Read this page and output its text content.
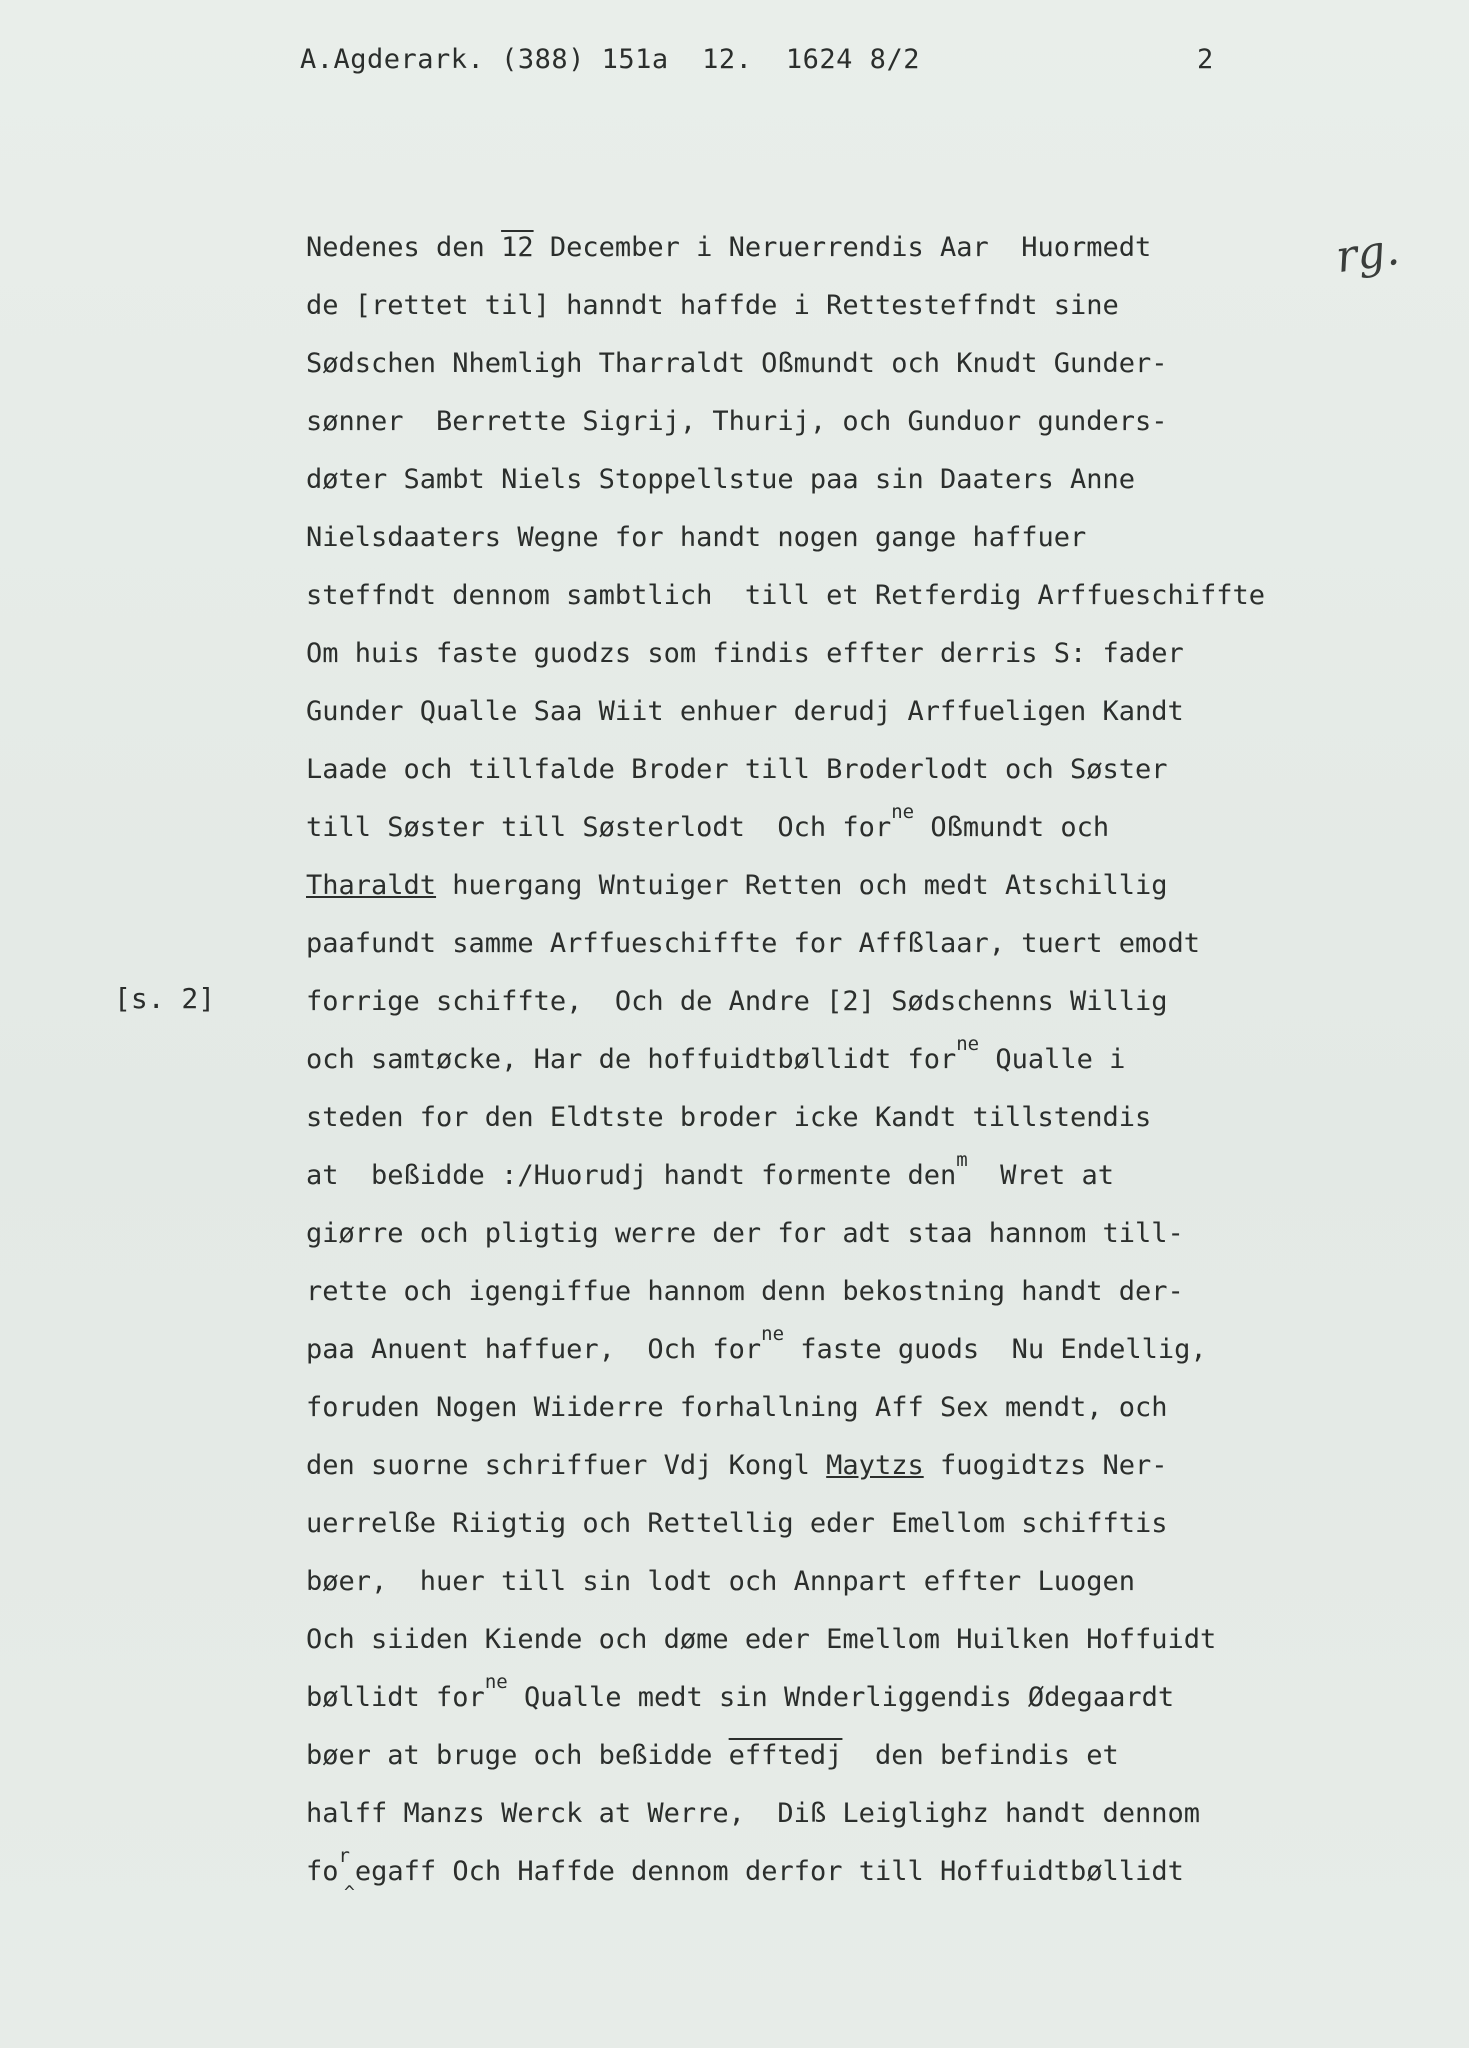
A.Agderark. (388) 151a  12.  1624 8/2	2
rg.
[s. 2]
Nedenes den 12 December i Neruerrendis Aar  Huormedt
de [rettet til] hanndt haffde i Rettesteffndt sine
Sødschen Nhemligh Tharraldt Oßmundt och Knudt Gunder-
sønner  Berrette Sigrij, Thurij, och Gunduor gunders-
døter Sambt Niels Stoppellstue paa sin Daaters Anne
Nielsdaaters Wegne for handt nogen gange haffuer
steffndt dennom sambtlich  till et Retferdig Arffueschiffte
Om huis faste guodzs som findis effter derris S: fader
Gunder Qualle Saa Wiit enhuer derudj Arffueligen Kandt
Laade och tillfalde Broder till Broderlodt och Søster
till Søster till Søsterlodt  Och for$^{ne}$ Oßmundt och
Tharaldt huergang Wntuiger Retten och medt Atschillig
paafundt samme Arffueschiffte for Affßlaar, tuert emodt
forrige schiffte,  Och de Andre [2] Sødschenns Willig
och samtøcke, Har de hoffuidtbøllidt for$^{ne}$ Qualle i
steden for den Eldtste broder icke Kandt tillstendis
at  beßidde :/Huorudj handt formente den$^m$  Wret at
giørre och pligtig werre der for adt staa hannom till-
rette och igengiffue hannom denn bekostning handt der-
paa Anuent haffuer,  Och for$^{ne}$ faste guods  Nu Endellig,
foruden Nogen Wiiderre forhallning Aff Sex mendt, och
den suorne schriffuer Vdj Kongl Maytzs fuogidtzs Ner-
uerrelße Riigtig och Rettellig eder Emellom schifftis
bøer,  huer till sin lodt och Annpart effter Luogen
Och siiden Kiende och døme eder Emellom Huilken Hoffuidt
bøllidt for$^{ne}$ Qualle medt sin Wnderliggendis Ødegaardt
bøer at bruge och beßidde efftedj  den befindis et
halff Manzs Werck at Werre,  Diß Leiglighz handt dennom
$fo^r_{\^{}}egaff$ Och Haffde dennom derfor till Hoffuidtbøllidt
